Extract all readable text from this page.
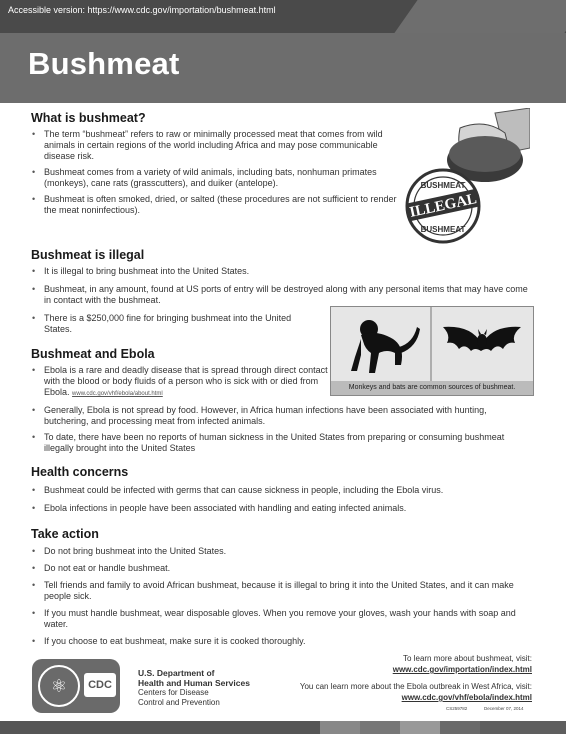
Accessible version: https://www.cdc.gov/importation/bushmeat.html
Bushmeat
BUSHMEAT
ILLEGAL
BUSHMEAT
What is bushmeat?
• The term “bushmeat” refers to raw or minimally processed meat that comes from wild animals in certain regions of the world including Africa and may pose communicable disease risk.
• Bushmeat comes from a variety of wild animals, including bats, nonhuman primates (monkeys), cane rats (grasscutters), and duiker (antelope).
• Bushmeat is often smoked, dried, or salted (these procedures are not sufficient to render the meat noninfectious).
Bushmeat is illegal
• It is illegal to bring bushmeat into the United States.
• Bushmeat, in any amount, found at US ports of entry will be destroyed along with any personal items that may have come in contact with the bushmeat.
• There is a $250,000 fine for bringing bushmeat into the United States.
Monkeys and bats are common sources of bushmeat.
Bushmeat and Ebola
• Ebola is a rare and deadly disease that is spread through direct contact with the blood or body fluids of a person who is sick with or died from Ebola. www.cdc.gov/vhf/ebola/about.html
• Generally, Ebola is not spread by food. However, in Africa human infections have been associated with hunting, butchering, and processing meat from infected animals.
• To date, there have been no reports of human sickness in the United States from preparing or consuming bushmeat illegally brought into the United States
Health concerns
• Bushmeat could be infected with germs that can cause sickness in people, including the Ebola virus.
• Ebola infections in people have been associated with handling and eating infected animals.
Take action
• Do not bring bushmeat into the United States.
• Do not eat or handle bushmeat.
• Tell friends and family to avoid African bushmeat, because it is illegal to bring it into the United States, and it can make people sick.
• If you must handle bushmeat, wear disposable gloves. When you remove your gloves, wash your hands with soap and water.
• If you choose to eat bushmeat, make sure it is cooked thoroughly.
⚛	CDC
U.S. Department of
Health and Human Services
Centers for Disease
Control and Prevention
To learn more about bushmeat, visit:
www.cdc.gov/importation/index.html
You can learn more about the Ebola outbreak in West Africa, visit:
www.cdc.gov/vhf/ebola/index.html
CS259782	December 07, 2014
